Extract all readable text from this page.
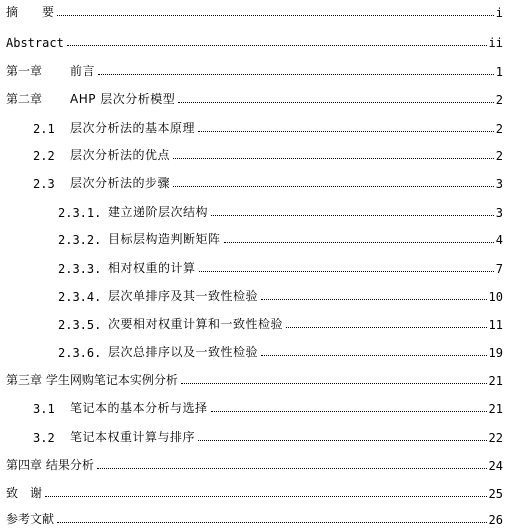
摘　　要	i
Abstract	ii
第一章	前言	1
第二章	AHP 层次分析模型	2
2.1	层次分析法的基本原理	2
2.2	层次分析法的优点	2
2.3	层次分析法的步骤	3
2.3.1. 建立递阶层次结构	3
2.3.2. 目标层构造判断矩阵	4
2.3.3. 相对权重的计算	7
2.3.4. 层次单排序及其一致性检验	10
2.3.5. 次要相对权重计算和一致性检验	11
2.3.6. 层次总排序以及一致性检验	19
第三章 学生网购笔记本实例分析	21
3.1	笔记本的基本分析与选择	21
3.2	笔记本权重计算与排序	22
第四章 结果分析	24
致　谢	25
参考文献	26
